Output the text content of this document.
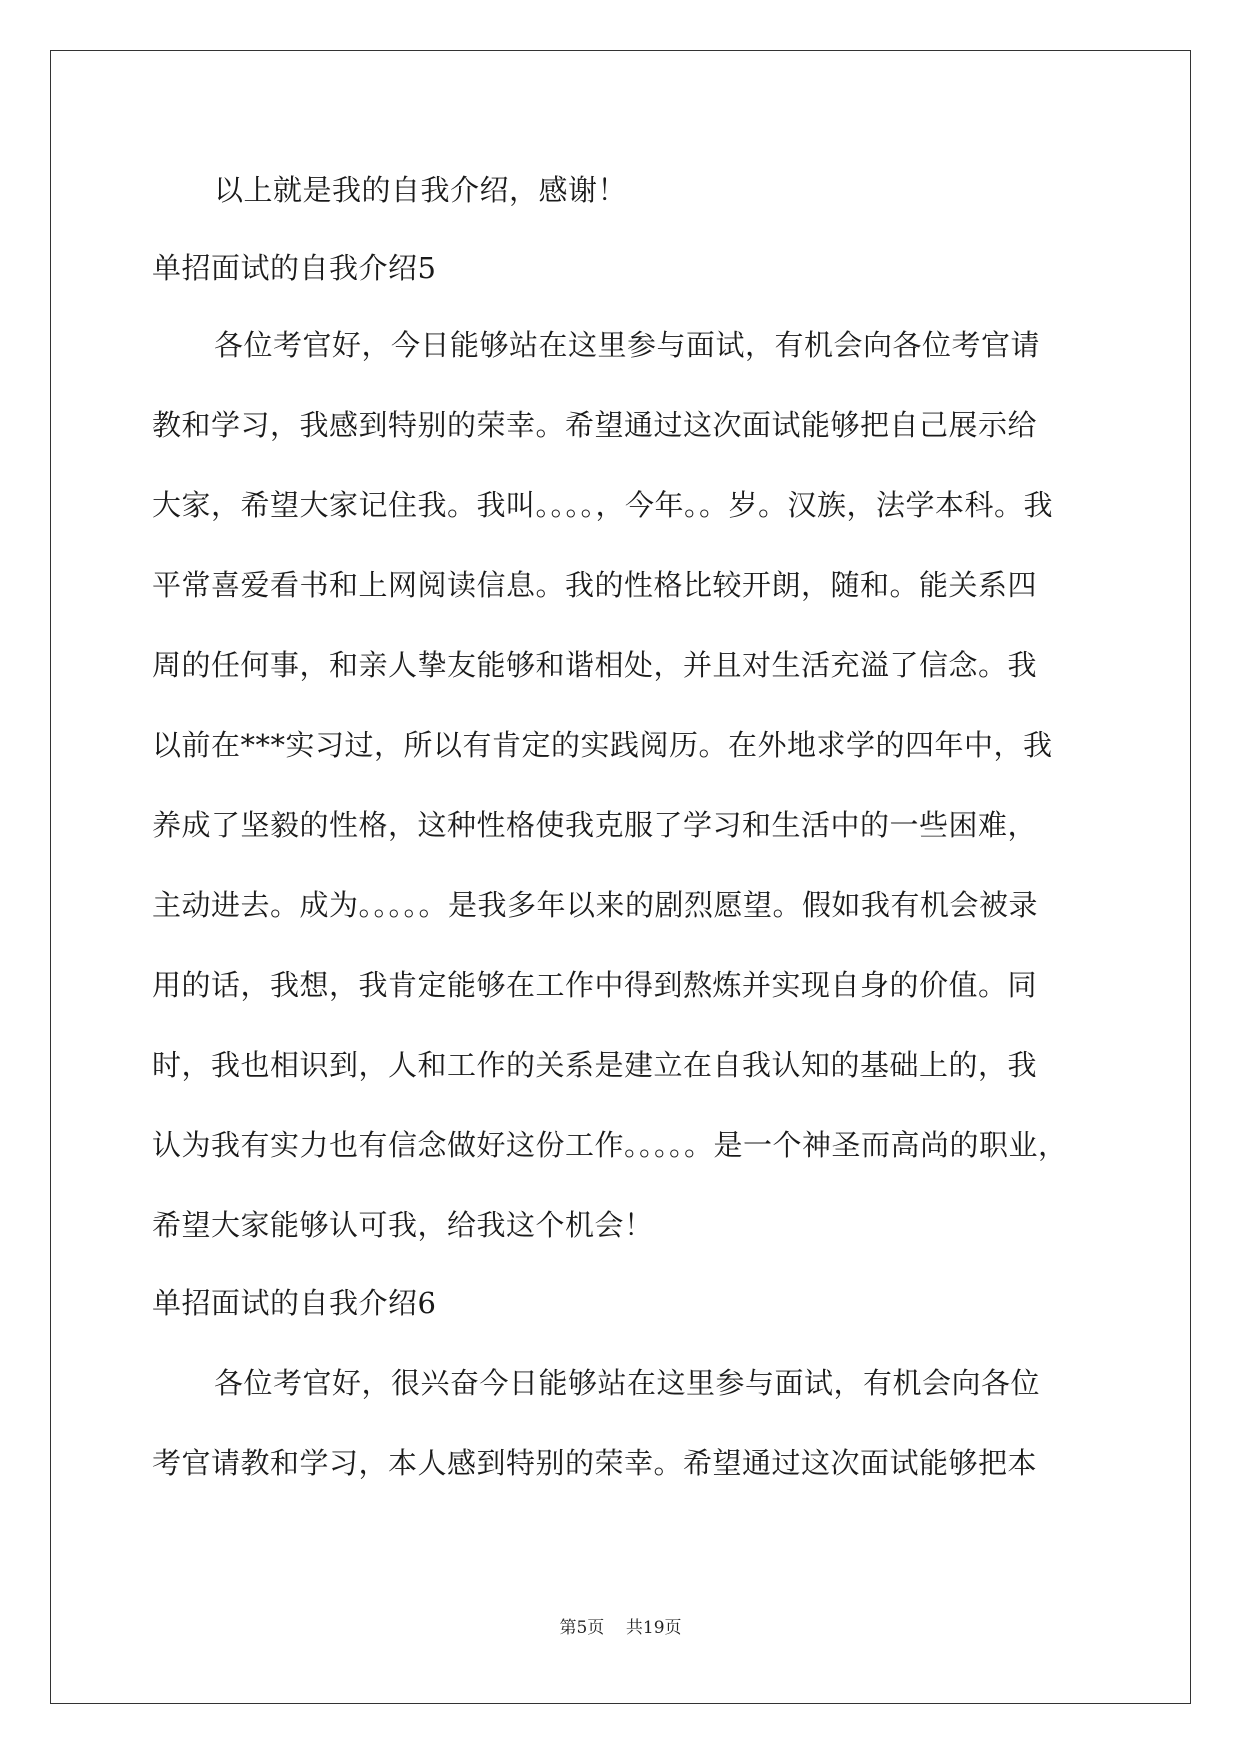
以上就是我的自我介绍，感谢！
单招面试的自我介绍5
各位考官好，今日能够站在这里参与面试，有机会向各位考官请
教和学习，我感到特别的荣幸。希望通过这次面试能够把自己展示给
大家，希望大家记住我。我叫。。。。，今年。。岁。汉族，法学本科。我
平常喜爱看书和上网阅读信息。我的性格比较开朗，随和。能关系四
周的任何事，和亲人挚友能够和谐相处，并且对生活充溢了信念。我
以前在***实习过，所以有肯定的实践阅历。在外地求学的四年中，我
养成了坚毅的性格，这种性格使我克服了学习和生活中的一些困难，
主动进去。成为。。。。。是我多年以来的剧烈愿望。假如我有机会被录
用的话，我想，我肯定能够在工作中得到熬炼并实现自身的价值。同
时，我也相识到，人和工作的关系是建立在自我认知的基础上的，我
认为我有实力也有信念做好这份工作。。。。。是一个神圣而高尚的职业，
希望大家能够认可我，给我这个机会！
单招面试的自我介绍6
各位考官好，很兴奋今日能够站在这里参与面试，有机会向各位
考官请教和学习，本人感到特别的荣幸。希望通过这次面试能够把本
第5页 共19页
